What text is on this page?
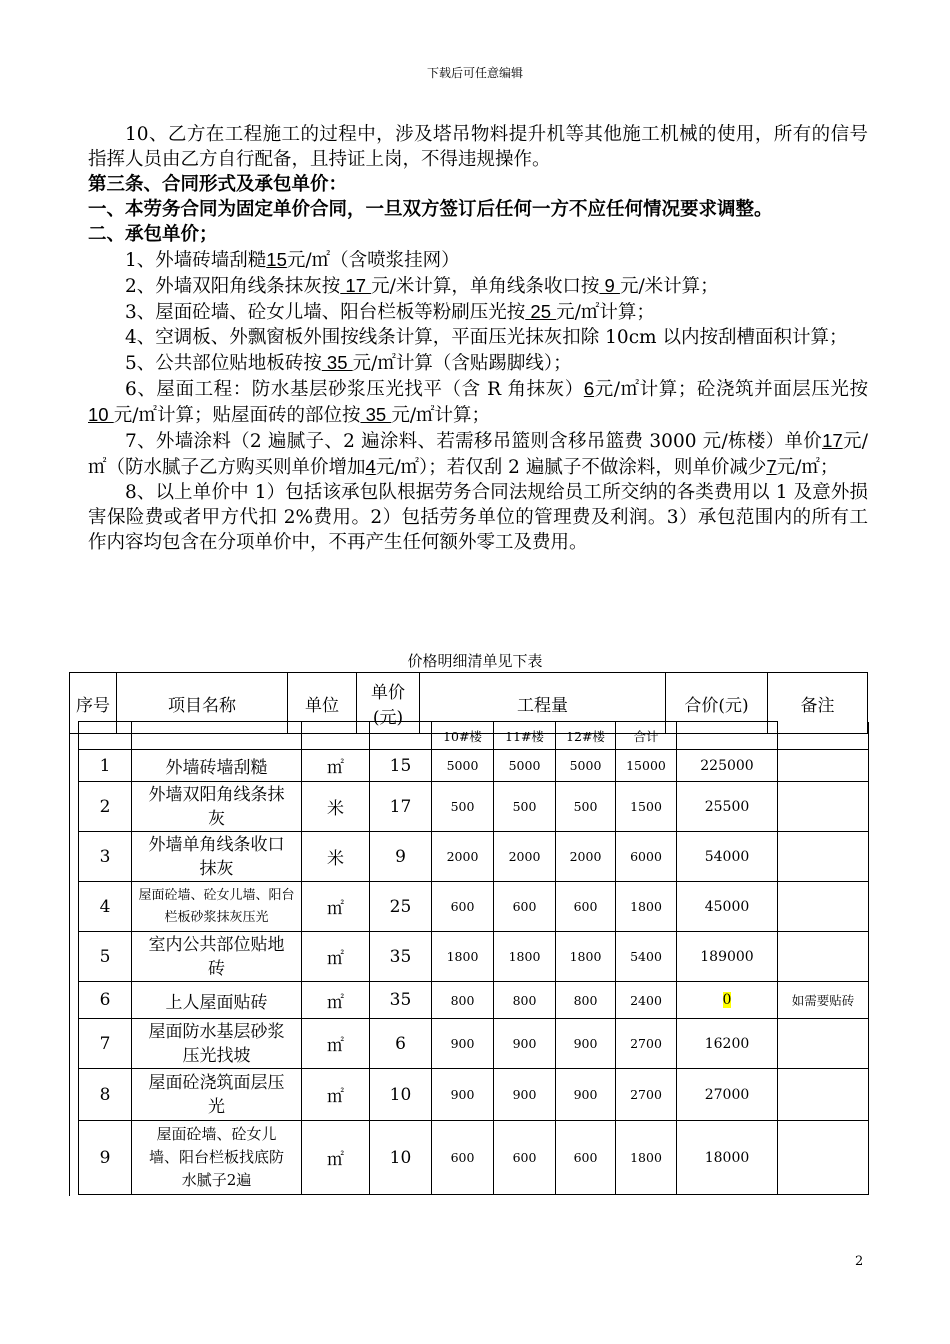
下载后可任意编辑

10、乙方在工程施工的过程中，涉及塔吊物料提升机等其他施工机械的使用，所有的信号指挥人员由乙方自行配备，且持证上岗，不得违规操作。

第三条、合同形式及承包单价：

一、本劳务合同为固定单价合同，一旦双方签订后任何一方不应任何情况要求调整。

二、承包单价；

1、外墙砖墙刮糙15元/㎡（含喷浆挂网）

2、外墙双阳角线条抹灰按 17 元/米计算，单角线条收口按 9 元/米计算；

3、屋面砼墙、砼女儿墙、阳台栏板等粉刷压光按 25 元/㎡计算；

4、空调板、外飘窗板外围按线条计算，平面压光抹灰扣除 10cm 以内按刮槽面积计算；

5、公共部位贴地板砖按 35 元/㎡计算（含贴踢脚线）；

6、屋面工程：防水基层砂浆压光找平（含 R 角抹灰）6元/㎡计算；砼浇筑并面层压光按 10 元/㎡计算；贴屋面砖的部位按 35 元/㎡计算；

7、外墙涂料（2 遍腻子、2 遍涂料、若需移吊篮则含移吊篮费 3000 元/栋楼）单价17元/㎡（防水腻子乙方购买则单价增加4元/㎡）；若仅刮 2 遍腻子不做涂料，则单价减少7元/㎡；

8、以上单价中 1）包括该承包队根据劳务合同法规给员工所交纳的各类费用以 1 及意外损害保险费或者甲方代扣 2%费用。2）包括劳务单位的管理费及利润。3）承包范围内的所有工作内容均包含在分项单价中，不再产生任何额外零工及费用。

价格明细清单见下表
序号	项目名称	单位	单价(元)	工程量	合价(元)	备注
				10#楼	11#楼	12#楼	合计		
1	外墙砖墙刮糙	㎡	15	5000	5000	5000	15000	225000	
2	外墙双阳角线条抹灰	米	17	500	500	500	1500	25500	
3	外墙单角线条收口抹灰	米	9	2000	2000	2000	6000	54000	
4	屋面砼墙、砼女儿墙、阳台栏板砂浆抹灰压光	㎡	25	600	600	600	1800	45000	
5	室内公共部位贴地砖	㎡	35	1800	1800	1800	5400	189000	
6	上人屋面贴砖	㎡	35	800	800	800	2400	0	如需要贴砖
7	屋面防水基层砂浆压光找坡	㎡	6	900	900	900	2700	16200	
8	屋面砼浇筑面层压光	㎡	10	900	900	900	2700	27000	
9	屋面砼墙、砼女儿墙、阳台栏板找底防水腻子2遍	㎡	10	600	600	600	1800	18000	
2
